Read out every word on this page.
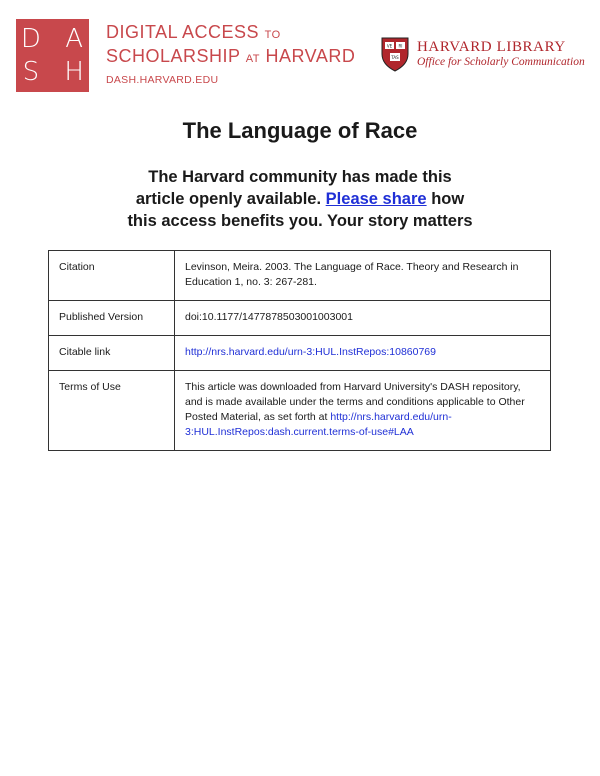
D A
S H
DIGITAL ACCESS TO
SCHOLARSHIP AT HARVARD
DASH.HARVARD.EDU
VE RI
TAS
HARVARD LIBRARY
Office for Scholarly Communication
The Language of Race
The Harvard community has made this
article openly available. Please share how
this access benefits you. Your story matters
Citation	Levinson, Meira. 2003. The Language of Race. Theory and Research in Education 1, no. 3: 267-281.
Published Version	doi:10.1177/1477878503001003001
Citable link	http://nrs.harvard.edu/urn-3:HUL.InstRepos:10860769
Terms of Use	This article was downloaded from Harvard University's DASH repository, and is made available under the terms and conditions applicable to Other Posted Material, as set forth at http://nrs.harvard.edu/urn-3:HUL.InstRepos:dash.current.terms-of-use#LAA
